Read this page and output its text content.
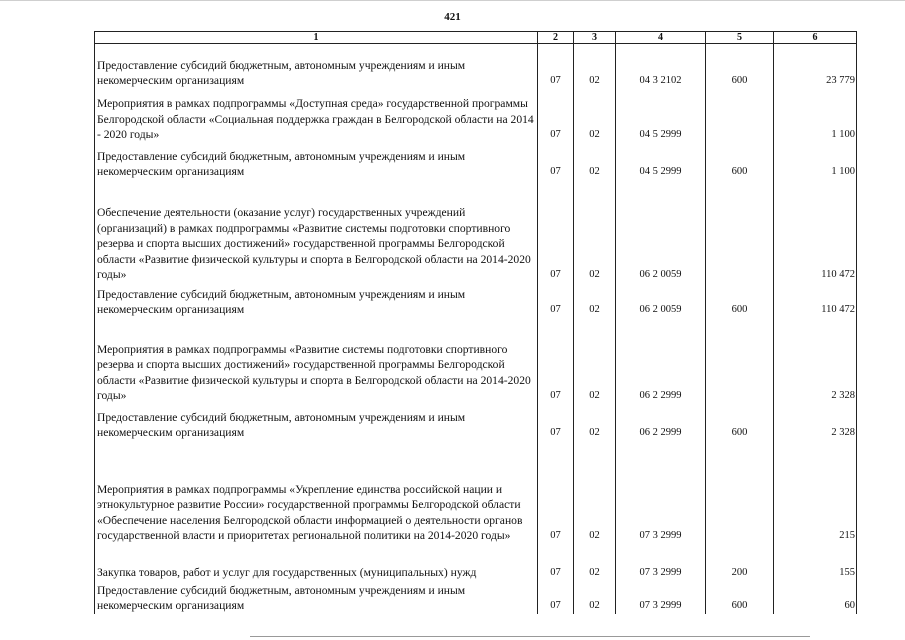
421
1	2	3	4	5	6
Предоставление субсидий бюджетным, автономным учреждениям и иным некомерческим организациям	07	02	04 3 2102	600	23 779
Мероприятия в рамках подпрограммы «Доступная среда» государственной программы Белгородской области «Социальная поддержка граждан в Белгородской области на 2014 - 2020 годы»	07	02	04 5 2999		1 100
Предоставление субсидий бюджетным, автономным учреждениям и иным некомерческим организациям	07	02	04 5 2999	600	1 100
Обеспечение деятельности (оказание услуг) государственных учреждений (организаций) в рамках подпрограммы «Развитие системы подготовки спортивного резерва и спорта высших достижений» государственной программы Белгородской области «Развитие физической культуры и спорта в Белгородской области на 2014-2020 годы»	07	02	06 2 0059		110 472
Предоставление субсидий бюджетным, автономным учреждениям и иным некомерческим организациям	07	02	06 2 0059	600	110 472
Мероприятия в рамках подпрограммы «Развитие системы подготовки спортивного резерва и спорта высших достижений» государственной программы Белгородской области «Развитие физической культуры и спорта в Белгородской области на 2014-2020 годы»	07	02	06 2 2999		2 328
Предоставление субсидий бюджетным, автономным учреждениям и иным некомерческим организациям	07	02	06 2 2999	600	2 328
Мероприятия в рамках подпрограммы «Укрепление единства российской нации и этнокультурное развитие России» государственной программы Белгородской области «Обеспечение населения Белгородской области информацией о деятельности органов государственной власти и приоритетах региональной политики на 2014-2020 годы»	07	02	07 3 2999		215
Закупка товаров, работ и услуг для государственных (муниципальных) нужд	07	02	07 3 2999	200	155
Предоставление субсидий бюджетным, автономным учреждениям и иным некомерческим организациям	07	02	07 3 2999	600	60
